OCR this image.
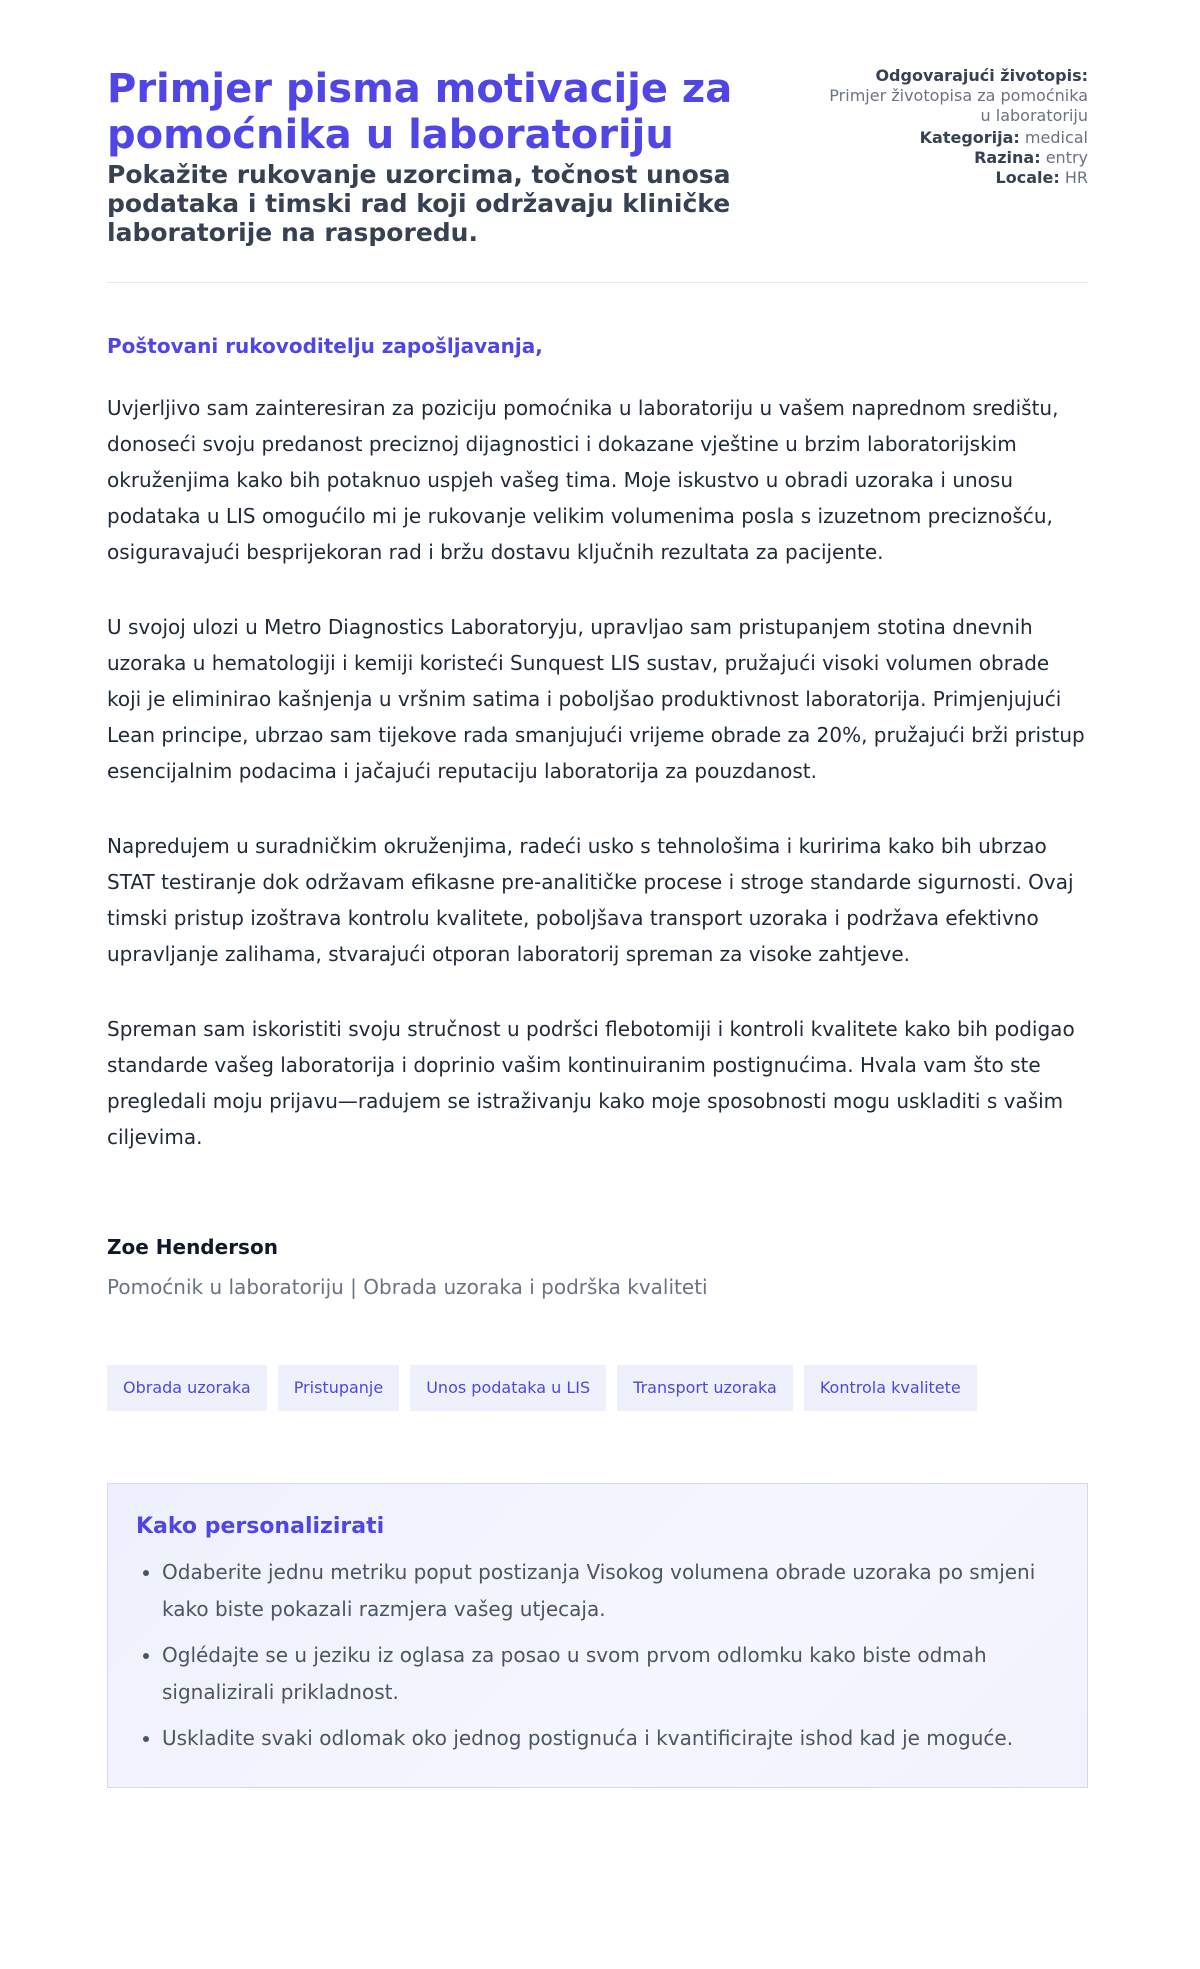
Primjer pisma motivacije za pomoćnika u laboratoriju
Pokažite rukovanje uzorcima, točnost unosa podataka i timski rad koji održavaju kliničke laboratorije na rasporedu.
Odgovarajući životopis:
Primjer životopisa za pomoćnika u laboratoriju
Kategorija: medical
Razina: entry
Locale: HR

Poštovani rukovoditelju zapošljavanja,

Uvjerljivo sam zainteresiran za poziciju pomoćnika u laboratoriju u vašem naprednom središtu, donoseći svoju predanost preciznoj dijagnostici i dokazane vještine u brzim laboratorijskim okruženjima kako bih potaknuo uspjeh vašeg tima. Moje iskustvo u obradi uzoraka i unosu podataka u LIS omogućilo mi je rukovanje velikim volumenima posla s izuzetnom preciznošću, osiguravajući besprijekoran rad i bržu dostavu ključnih rezultata za pacijente.

U svojoj ulozi u Metro Diagnostics Laboratoryju, upravljao sam pristupanjem stotina dnevnih uzoraka u hematologiji i kemiji koristeći Sunquest LIS sustav, pružajući visoki volumen obrade koji je eliminirao kašnjenja u vršnim satima i poboljšao produktivnost laboratorija. Primjenjujući Lean principe, ubrzao sam tijekove rada smanjujući vrijeme obrade za 20%, pružajući brži pristup esencijalnim podacima i jačajući reputaciju laboratorija za pouzdanost.

Napredujem u suradničkim okruženjima, radeći usko s tehnološima i kuririma kako bih ubrzao STAT testiranje dok održavam efikasne pre-analitičke procese i stroge standarde sigurnosti. Ovaj timski pristup izoštrava kontrolu kvalitete, poboljšava transport uzoraka i podržava efektivno upravljanje zalihama, stvarajući otporan laboratorij spreman za visoke zahtjeve.

Spreman sam iskoristiti svoju stručnost u podršci flebotomiji i kontroli kvalitete kako bih podigao standarde vašeg laboratorija i doprinio vašim kontinuiranim postignućima. Hvala vam što ste pregledali moju prijavu—radujem se istraživanju kako moje sposobnosti mogu uskladiti s vašim ciljevima.

Zoe Henderson
Pomoćnik u laboratoriju | Obrada uzoraka i podrška kvaliteti
Obrada uzoraka	Pristupanje	Unos podataka u LIS	Transport uzoraka	Kontrola kvalitete
Kako personalizirati
• Odaberite jednu metriku poput postizanja Visokog volumena obrade uzoraka po smjeni kako biste pokazali razmjera vašeg utjecaja.
• Oglédajte se u jeziku iz oglasa za posao u svom prvom odlomku kako biste odmah signalizirali prikladnost.
• Uskladite svaki odlomak oko jednog postignuća i kvantificirajte ishod kad je moguće.
